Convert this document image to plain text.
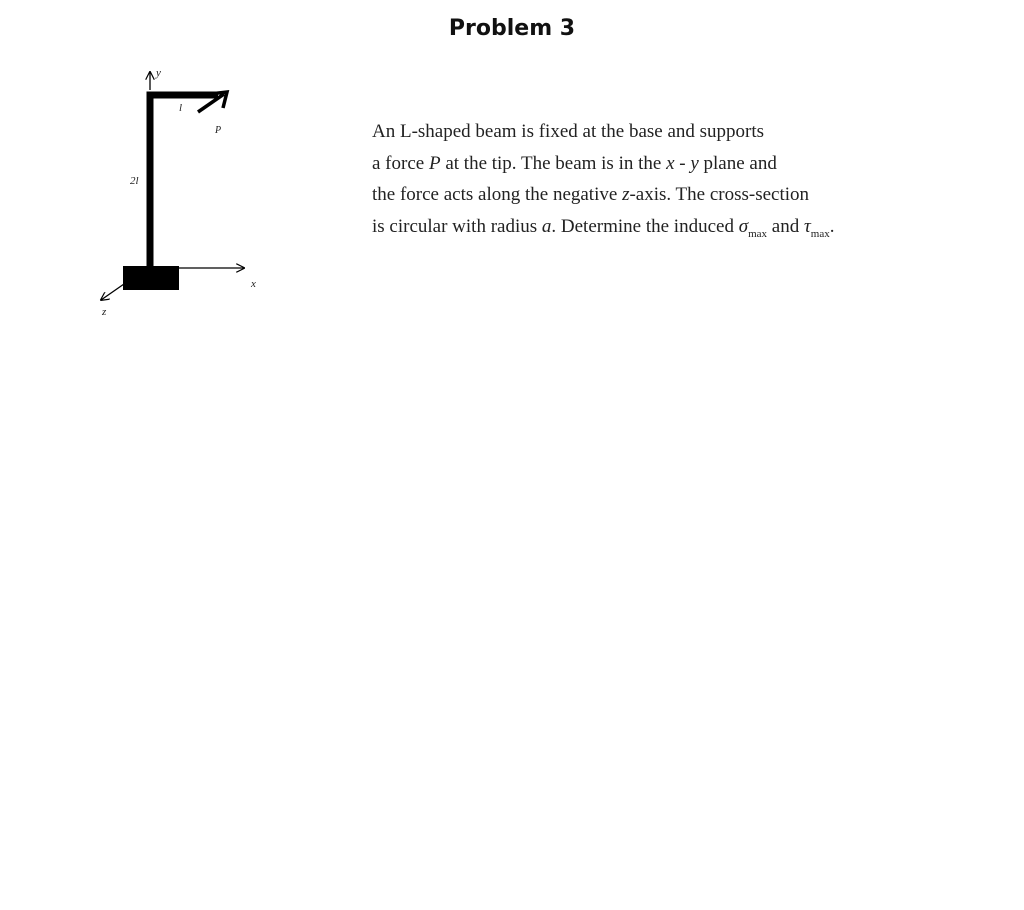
Problem 3
y
x
z
l
2l
P	An L-shaped beam is fixed at the base and supports
a force P at the tip. The beam is in the x - y plane and
the force acts along the negative z-axis. The cross-section
is circular with radius a. Determine the induced $\sigma_{max}$ and $\tau_{max}$.
